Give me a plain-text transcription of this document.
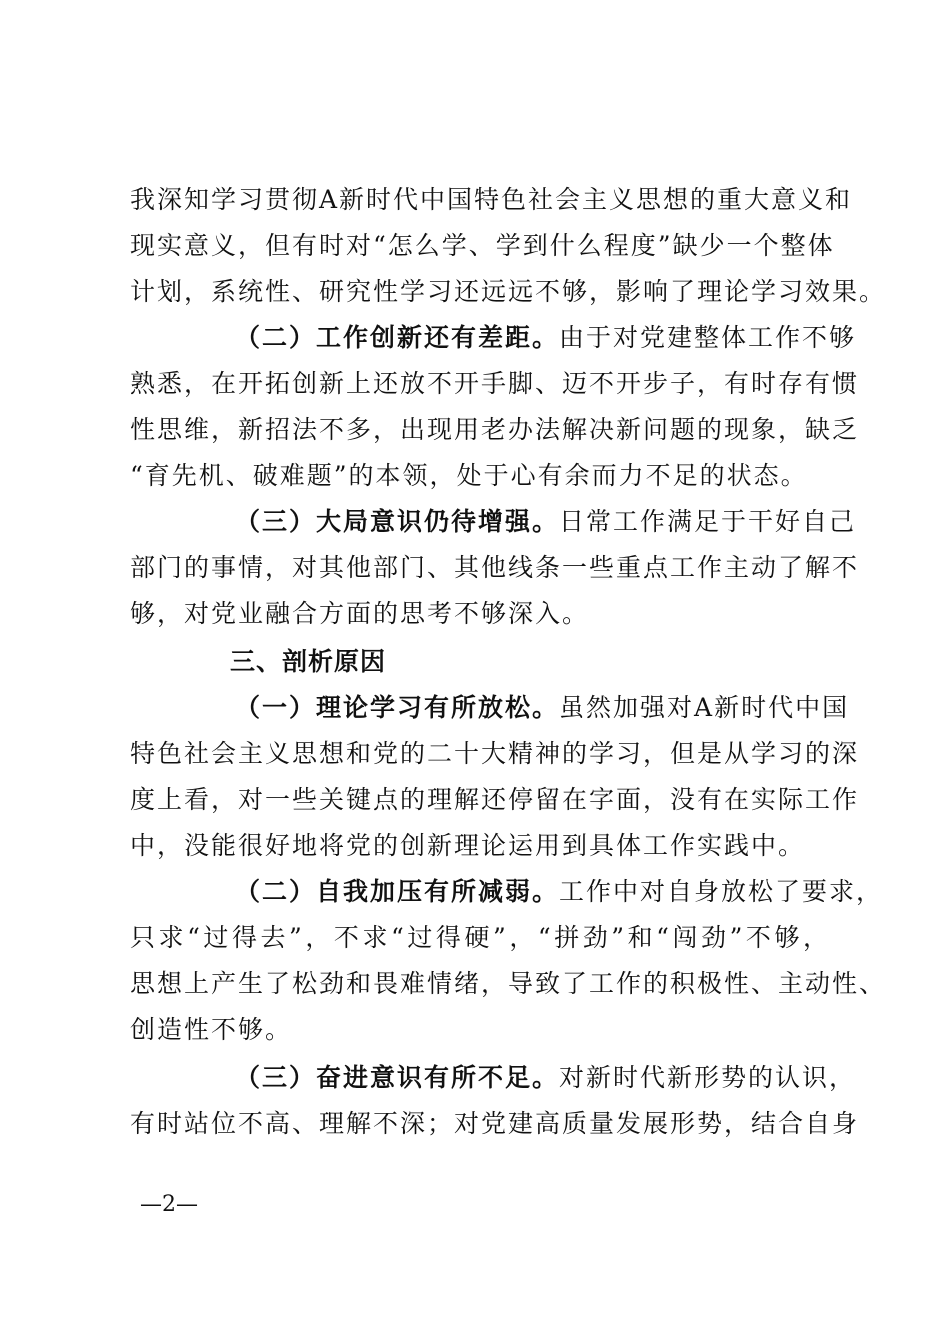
我深知学习贯彻A新时代中国特色社会主义思想的重大意义和
现实意义，但有时对“怎么学、学到什么程度”缺少一个整体
计划，系统性、研究性学习还远远不够，影响了理论学习效果。
（二）工作创新还有差距。由于对党建整体工作不够
熟悉，在开拓创新上还放不开手脚、迈不开步子，有时存有惯
性思维，新招法不多，出现用老办法解决新问题的现象，缺乏
“育先机、破难题”的本领，处于心有余而力不足的状态。
（三）大局意识仍待增强。日常工作满足于干好自己
部门的事情，对其他部门、其他线条一些重点工作主动了解不
够，对党业融合方面的思考不够深入。
三、剖析原因
（一）理论学习有所放松。虽然加强对A新时代中国
特色社会主义思想和党的二十大精神的学习，但是从学习的深
度上看，对一些关键点的理解还停留在字面，没有在实际工作
中，没能很好地将党的创新理论运用到具体工作实践中。
（二）自我加压有所减弱。工作中对自身放松了要求，
只求“过得去”，不求“过得硬”，“拼劲”和“闯劲”不够，
思想上产生了松劲和畏难情绪，导致了工作的积极性、主动性、
创造性不够。
（三）奋进意识有所不足。对新时代新形势的认识，
有时站位不高、理解不深；对党建高质量发展形势，结合自身
—2—
